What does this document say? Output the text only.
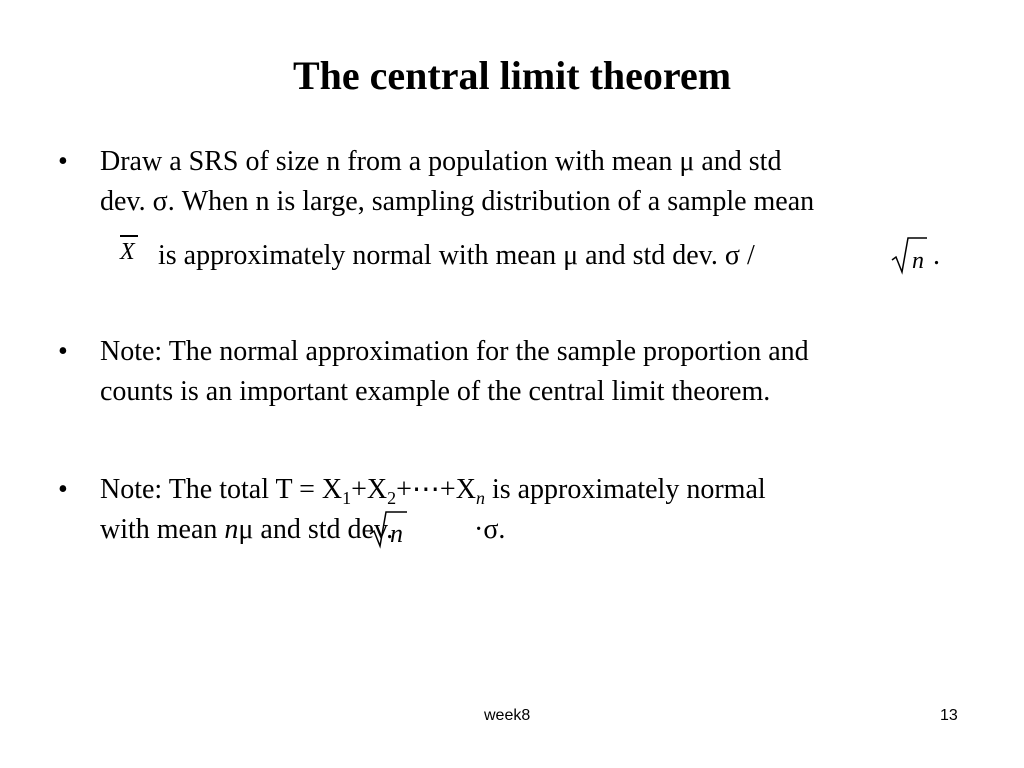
The central limit theorem
•	Draw a SRS of size n from a population with mean μ and std
dev. σ. When n is large, sampling distribution of a sample mean
X is approximately normal with mean μ and std dev. σ /	n .
•	Note: The normal approximation for the sample proportion and
counts is an important example of the central limit theorem.
•	Note: The total $T = X_1+X_2+\cdots+X_n$ is approximately normal
with mean nμ and std dev.
n	·σ.
week8	13
